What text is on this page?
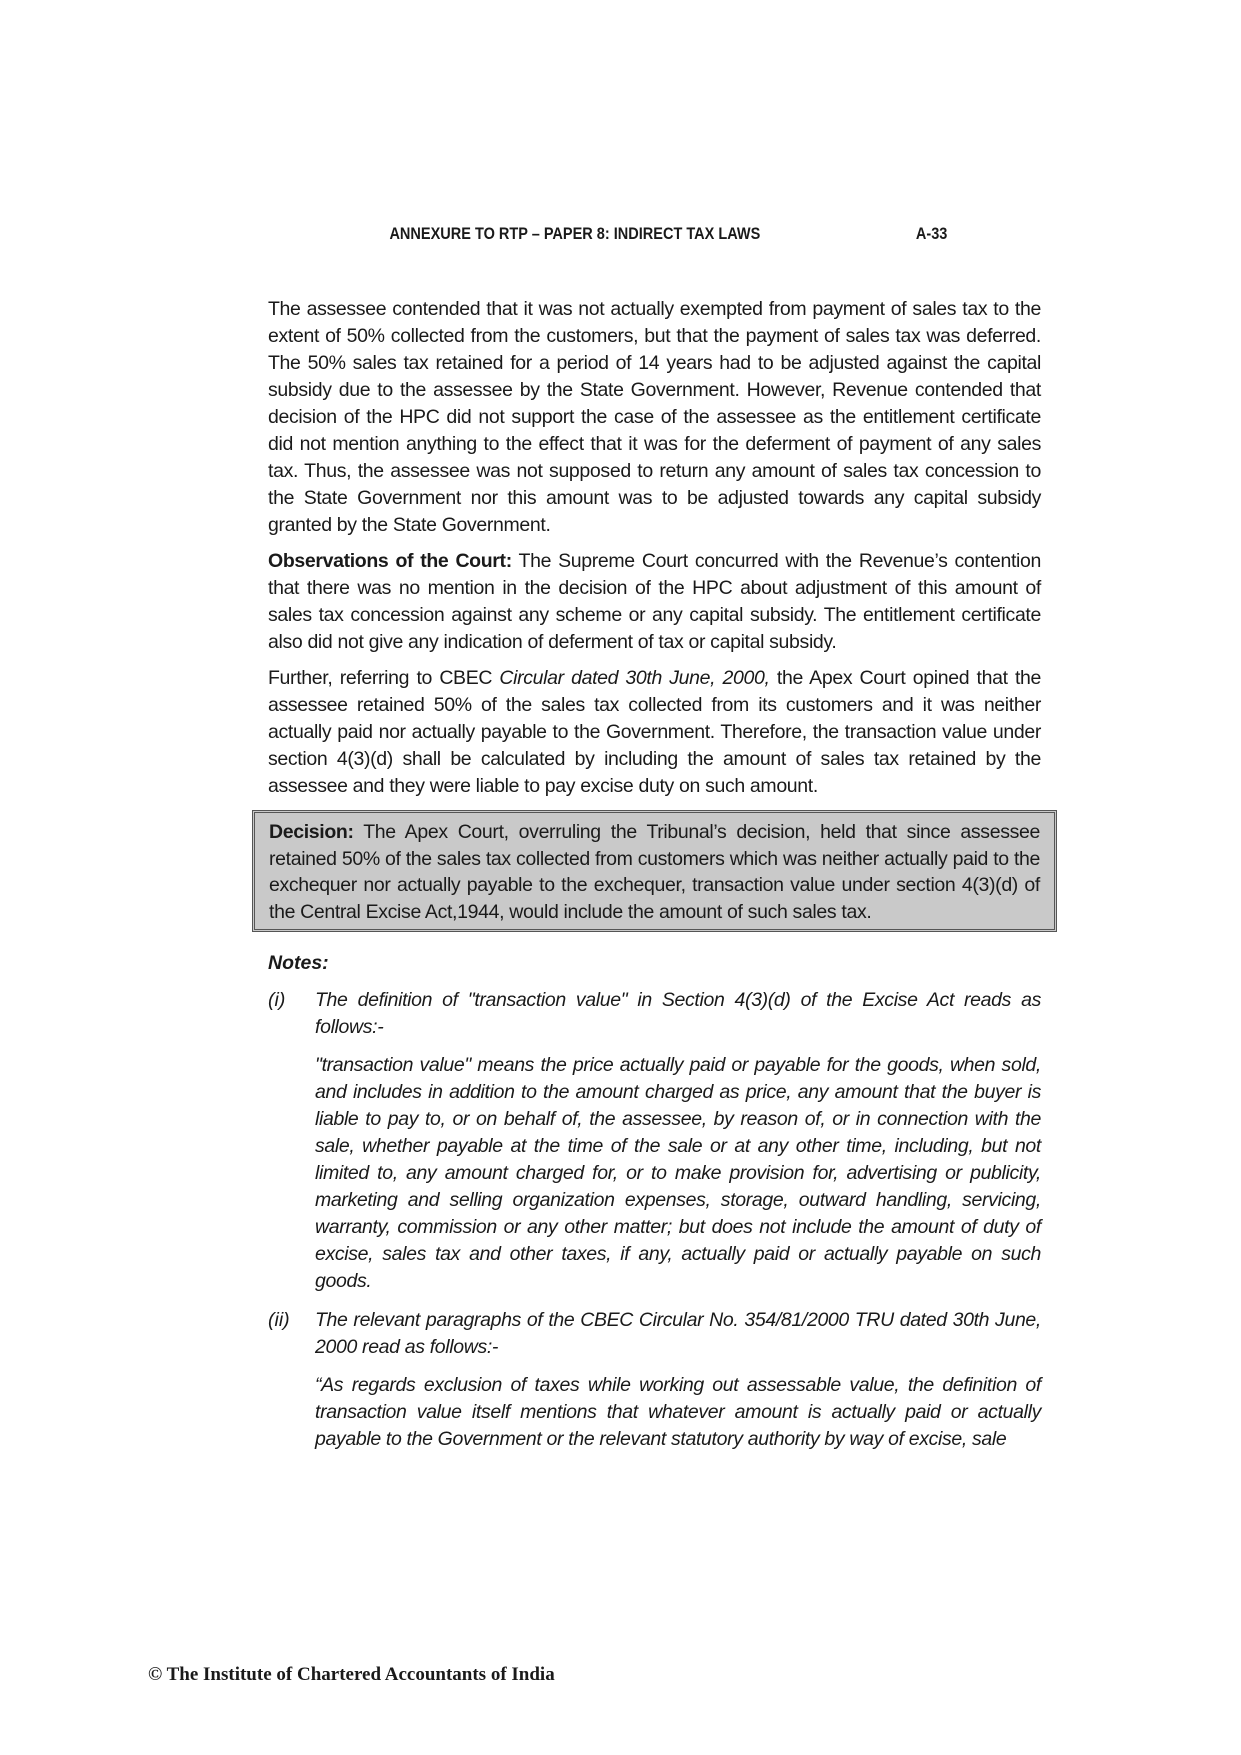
ANNEXURE TO RTP – PAPER 8: INDIRECT TAX LAWS	A-33

The assessee contended that it was not actually exempted from payment of sales tax to the extent of 50% collected from the customers, but that the payment of sales tax was deferred. The 50% sales tax retained for a period of 14 years had to be adjusted against the capital subsidy due to the assessee by the State Government. However, Revenue contended that decision of the HPC did not support the case of the assessee as the entitlement certificate did not mention anything to the effect that it was for the deferment of payment of any sales tax. Thus, the assessee was not supposed to return any amount of sales tax concession to the State Government nor this amount was to be adjusted towards any capital subsidy granted by the State Government.

Observations of the Court: The Supreme Court concurred with the Revenue’s contention that there was no mention in the decision of the HPC about adjustment of this amount of sales tax concession against any scheme or any capital subsidy. The entitlement certificate also did not give any indication of deferment of tax or capital subsidy.

Further, referring to CBEC Circular dated 30th June, 2000, the Apex Court opined that the assessee retained 50% of the sales tax collected from its customers and it was neither actually paid nor actually payable to the Government. Therefore, the transaction value under section 4(3)(d) shall be calculated by including the amount of sales tax retained by the assessee and they were liable to pay excise duty on such amount.

Decision: The Apex Court, overruling the Tribunal’s decision, held that since assessee retained 50% of the sales tax collected from customers which was neither actually paid to the exchequer nor actually payable to the exchequer, transaction value under section 4(3)(d) of the Central Excise Act,1944, would include the amount of such sales tax.

Notes:
(i)	The definition of "transaction value" in Section 4(3)(d) of the Excise Act reads as follows:-

"transaction value" means the price actually paid or payable for the goods, when sold, and includes in addition to the amount charged as price, any amount that the buyer is liable to pay to, or on behalf of, the assessee, by reason of, or in connection with the sale, whether payable at the time of the sale or at any other time, including, but not limited to, any amount charged for, or to make provision for, advertising or publicity, marketing and selling organization expenses, storage, outward handling, servicing, warranty, commission or any other matter; but does not include the amount of duty of excise, sales tax and other taxes, if any, actually paid or actually payable on such goods.

(ii)	The relevant paragraphs of the CBEC Circular No. 354/81/2000 TRU dated 30th June, 2000 read as follows:-

“As regards exclusion of taxes while working out assessable value, the definition of transaction value itself mentions that whatever amount is actually paid or actually payable to the Government or the relevant statutory authority by way of excise, sale

© The Institute of Chartered Accountants of India
